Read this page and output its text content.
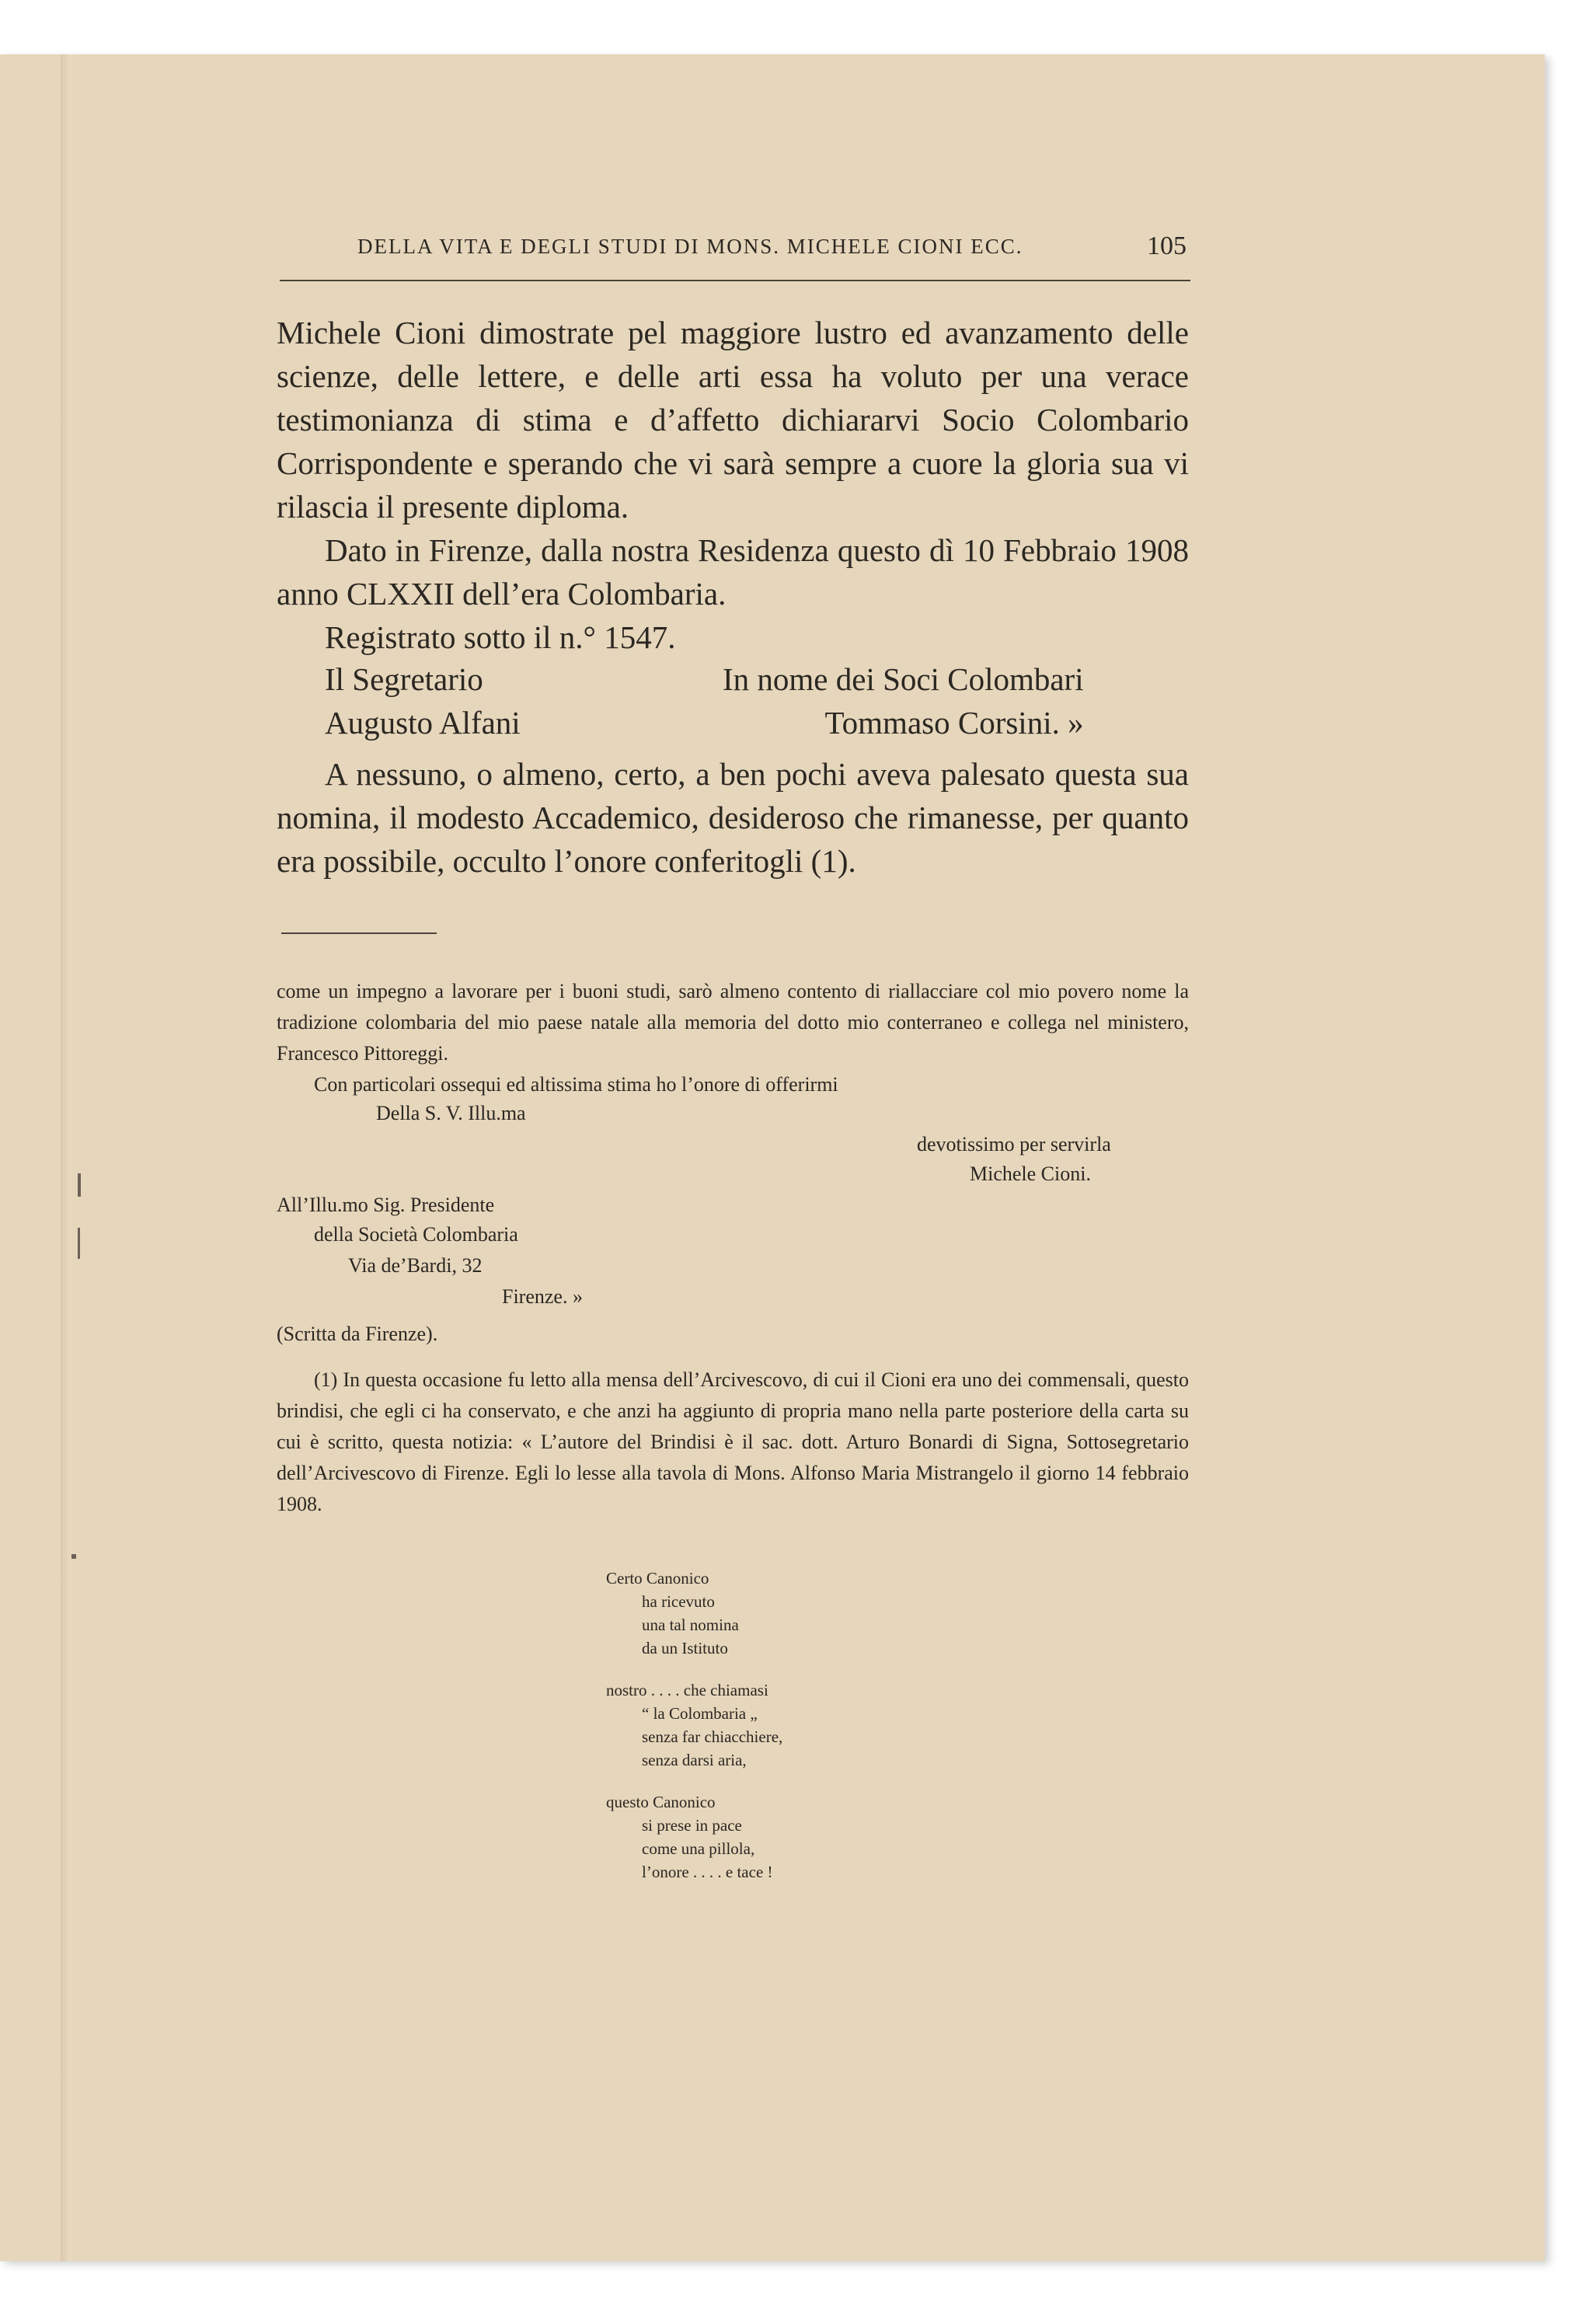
DELLA VITA E DEGLI STUDI DI MONS. MICHELE CIONI ECC.	105

Michele Cioni dimostrate pel maggiore lustro ed avanzamento delle scienze, delle lettere, e delle arti essa ha voluto per una verace testimonianza di stima e d’affetto dichiararvi Socio Colombario Corrispondente e sperando che vi sarà sempre a cuore la gloria sua vi rilascia il presente diploma.

Dato in Firenze, dalla nostra Residenza questo dì 10 Febbraio 1908 anno CLXXII dell’era Colombaria.

Registrato sotto il n.° 1547.

Il Segretario
Augusto Alfani
In nome dei Soci Colombari
Tommaso Corsini. »

A nessuno, o almeno, certo, a ben pochi aveva palesato questa sua nomina, il modesto Accademico, desideroso che rimanesse, per quanto era possibile, occulto l’onore conferitogli (1).

come un impegno a lavorare per i buoni studi, sarò almeno contento di riallacciare col mio povero nome la tradizione colombaria del mio paese natale alla memoria del dotto mio conterraneo e collega nel ministero, Francesco Pittoreggi.

Con particolari ossequi ed altissima stima ho l’onore di offerirmi

Della S. V. Illu.ma
devotissimo per servirla
Michele Cioni.
All’Illu.mo Sig. Presidente
della Società Colombaria
Via de’Bardi, 32
Firenze. »
(Scritta da Firenze).

(1) In questa occasione fu letto alla mensa dell’Arcivescovo, di cui il Cioni era uno dei commensali, questo brindisi, che egli ci ha conservato, e che anzi ha aggiunto di propria mano nella parte posteriore della carta su cui è scritto, questa notizia: « L’autore del Brindisi è il sac. dott. Arturo Bonardi di Signa, Sottosegretario dell’Arcivescovo di Firenze. Egli lo lesse alla tavola di Mons. Alfonso Maria Mistrangelo il giorno 14 febbraio 1908.

Certo Canonico
ha ricevuto
una tal nomina
da un Istituto
nostro . . . . che chiamasi
“ la Colombaria „
senza far chiacchiere,
senza darsi aria,
questo Canonico
si prese in pace
come una pillola,
l’onore . . . . e tace !
